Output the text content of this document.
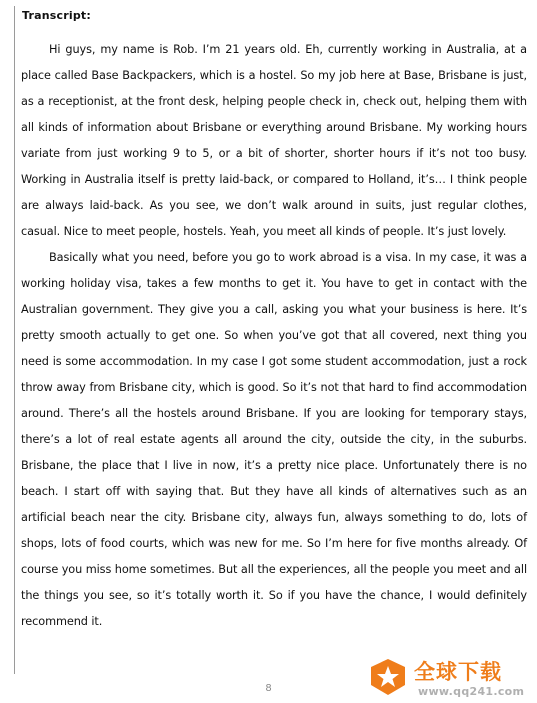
Transcript:

Hi guys, my name is Rob. I’m 21 years old. Eh, currently working in Australia, at a place called Base Backpackers, which is a hostel. So my job here at Base, Brisbane is just, as a receptionist, at the front desk, helping people check in, check out, helping them with all kinds of information about Brisbane or everything around Brisbane. My working hours variate from just working 9 to 5, or a bit of shorter, shorter hours if it’s not too busy. Working in Australia itself is pretty laid-back, or compared to Holland, it’s… I think people are always laid-back. As you see, we don’t walk around in suits, just regular clothes, casual. Nice to meet people, hostels. Yeah, you meet all kinds of people. It’s just lovely.

Basically what you need, before you go to work abroad is a visa. In my case, it was a working holiday visa, takes a few months to get it. You have to get in contact with the Australian government. They give you a call, asking you what your business is here. It’s pretty smooth actually to get one. So when you’ve got that all covered, next thing you need is some accommodation. In my case I got some student accommodation, just a rock throw away from Brisbane city, which is good. So it’s not that hard to find accommodation around. There’s all the hostels around Brisbane. If you are looking for temporary stays, there’s a lot of real estate agents all around the city, outside the city, in the suburbs. Brisbane, the place that I live in now, it’s a pretty nice place. Unfortunately there is no beach. I start off with saying that. But they have all kinds of alternatives such as an artificial beach near the city. Brisbane city, always fun, always something to do, lots of shops, lots of food courts, which was new for me. So I’m here for five months already. Of course you miss home sometimes. But all the experiences, all the people you meet and all the things you see, so it’s totally worth it. So if you have the chance, I would definitely recommend it.

8
全球下载
www.qq241.com
